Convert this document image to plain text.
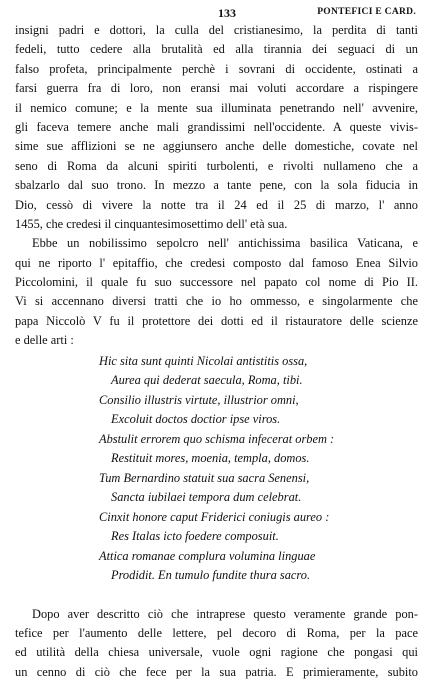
133	PONTEFICI E CARD.
insigni padri e dottori, la culla del cristianesimo, la perdita di tanti
fedeli, tutto cedere alla brutalità ed alla tirannia dei seguaci di un
falso profeta, principalmente perchè i sovrani di occidente, ostinati a
farsi guerra fra di loro, non eransi mai voluti accordare a rispingere
il nemico comune; e la mente sua illuminata penetrando nell' avvenire,
gli faceva temere anche mali grandissimi nell'occidente. A queste vivis-
sime sue afflizioni se ne aggiunsero anche delle domestiche, covate nel
seno di Roma da alcuni spiriti turbolenti, e rivolti nullameno che a
sbalzarlo dal suo trono. In mezzo a tante pene, con la sola fiducia in
Dio, cessò di vivere la notte tra il 24 ed il 25 di marzo, l' anno
1455, che credesi il cinquantesimosettimo dell' età sua.
Ebbe un nobilissimo sepolcro nell' antichissima basilica Vaticana, e
qui ne riporto l' epitaffio, che credesi composto dal famoso Enea Silvio
Piccolomini, il quale fu suo successore nel papato col nome di Pio II.
Vi si accennano diversi tratti che io ho ommesso, e singolarmente che
papa Niccolò V fu il protettore dei dotti ed il ristauratore delle scienze
e delle arti :
Hic sita sunt quinti Nicolai antistitis ossa,
Aurea qui dederat saecula, Roma, tibi.
Consilio illustris virtute, illustrior omni,
Excoluit doctos doctior ipse viros.
Abstulit errorem quo schisma infecerat orbem :
Restituit mores, moenia, templa, domos.
Tum Bernardino statuit sua sacra Senensi,
Sancta iubilaei tempora dum celebrat.
Cinxit honore caput Friderici coniugis aureo :
Res Italas icto foedere composuit.
Attica romanae complura volumina linguae
Prodidit. En tumulo fundite thura sacro.
Dopo aver descritto ciò che intraprese questo veramente grande pon-
tefice per l'aumento delle lettere, pel decoro di Roma, per la pace
ed utilità della chiesa universale, vuole ogni ragione che pongasi qui
un cenno di ciò che fece per la sua patria. E primieramente, subito
